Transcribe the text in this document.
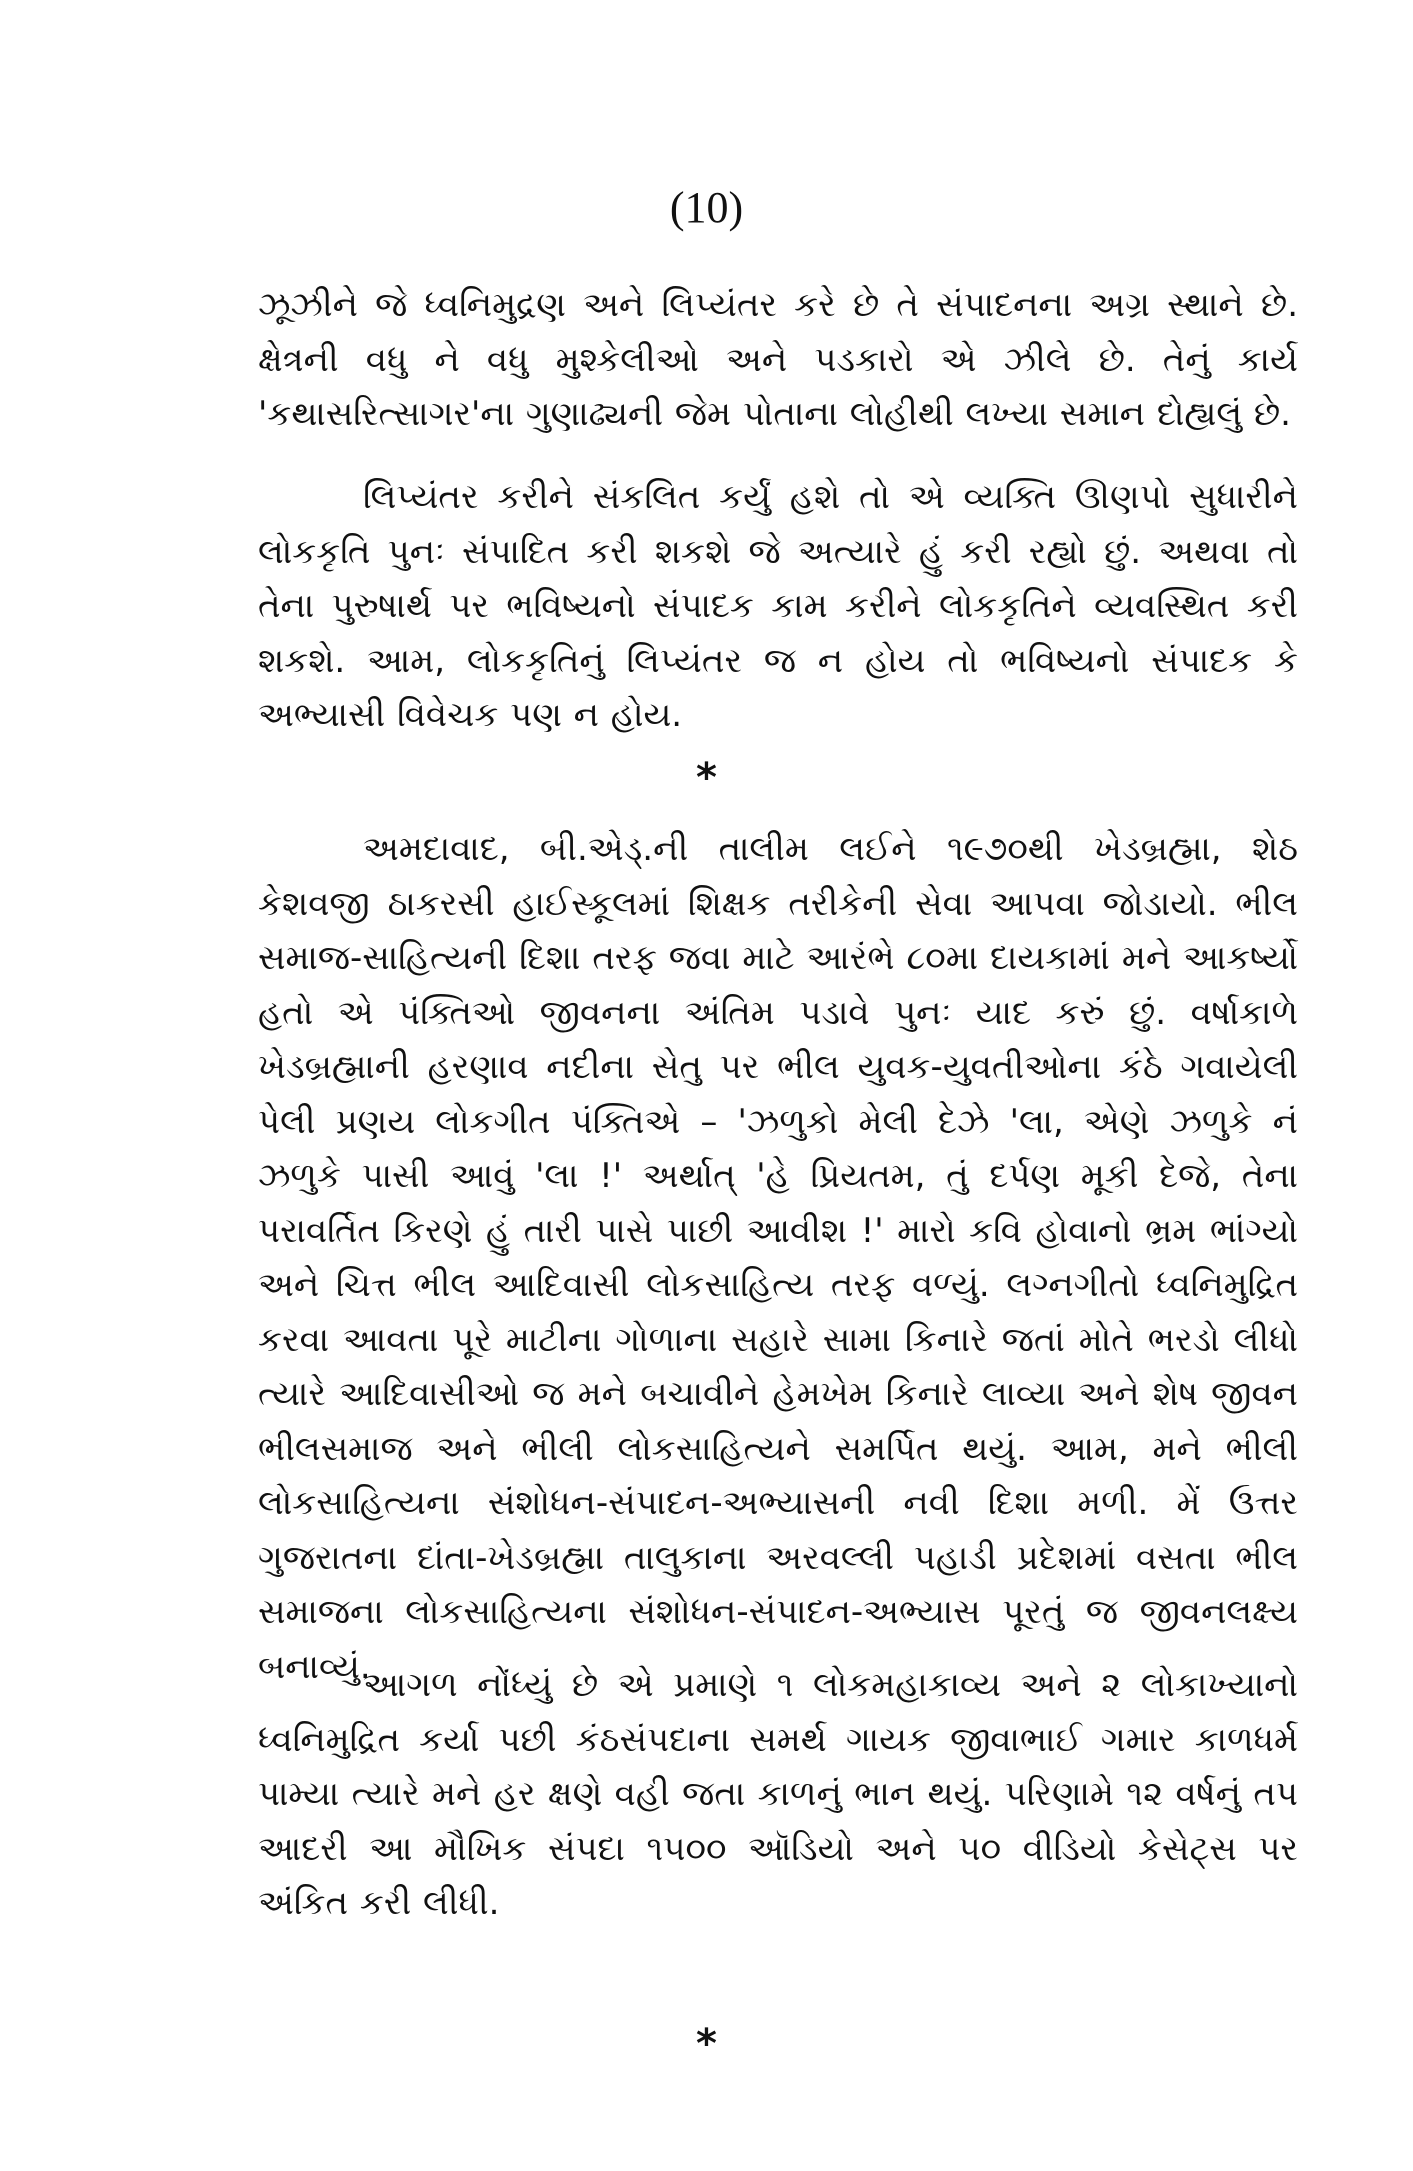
(10)

ઝૂઝીને જે ધ્વનિમુદ્રણ અને લિપ્યંતર કરે છે તે સંપાદનના અગ્ર સ્થાને છે. ક્ષેત્રની વધુ ને વધુ મુશ્કેલીઓ અને પડકારો એ ઝીલે છે. તેનું કાર્ય 'કથાસરિત્સાગર'ના ગુણાઢ્યની જેમ પોતાના લોહીથી લખ્યા સમાન દોહ્યલું છે.

લિપ્યંતર કરીને સંકલિત કર્યું હશે તો એ વ્યક્તિ ઊણપો સુધારીને લોકકૃતિ પુનઃ સંપાદિત કરી શકશે જે અત્યારે હું કરી રહ્યો છું. અથવા તો તેના પુરુષાર્થ પર ભવિષ્યનો સંપાદક કામ કરીને લોકકૃતિને વ્યવસ્થિત કરી શકશે. આમ, લોકકૃતિનું લિપ્યંતર જ ન હોય તો ભવિષ્યનો સંપાદક કે અભ્યાસી વિવેચક પણ ન હોય.

*

અમદાવાદ, બી.એડ્.ની તાલીમ લઈને ૧૯૭૦થી ખેડબ્રહ્મા, શેઠ કેશવજી ઠાકરસી હાઈસ્કૂલમાં શિક્ષક તરીકેની સેવા આપવા જોડાયો. ભીલ સમાજ-સાહિત્યની દિશા તરફ જવા માટે આરંભે ૮૦મા દાયકામાં મને આકર્ષ્યો હતો એ પંક્તિઓ જીવનના અંતિમ પડાવે પુનઃ યાદ કરું છું. વર્ષાકાળે ખેડબ્રહ્માની હરણાવ નદીના સેતુ પર ભીલ યુવક-યુવતીઓના કંઠે ગવાયેલી પેલી પ્રણય લોકગીત પંક્તિએ – 'ઝળુકો મેલી દેઝે 'લા, એણે ઝળુકે નં ઝળુકે પાસી આવું 'લા !' અર્થાત્ 'હે પ્રિયતમ, તું દર્પણ મૂકી દેજે, તેના પરાવર્તિત કિરણે હું તારી પાસે પાછી આવીશ !' મારો કવિ હોવાનો ભ્રમ ભાંગ્યો અને ચિત્ત ભીલ આદિવાસી લોકસાહિત્ય તરફ વળ્યું. લગ્નગીતો ધ્વનિમુદ્રિત કરવા આવતા પૂરે માટીના ગોળાના સહારે સામા કિનારે જતાં મોતે ભરડો લીધો ત્યારે આદિવાસીઓ જ મને બચાવીને હેમખેમ કિનારે લાવ્યા અને શેષ જીવન ભીલસમાજ અને ભીલી લોકસાહિત્યને સમર્પિત થયું. આમ, મને ભીલી લોકસાહિત્યના સંશોધન-સંપાદન-અભ્યાસની નવી દિશા મળી. મેં ઉત્તર ગુજરાતના દાંતા-ખેડબ્રહ્મા તાલુકાના અરવલ્લી પહાડી પ્રદેશમાં વસતા ભીલ સમાજના લોકસાહિત્યના સંશોધન-સંપાદન-અભ્યાસ પૂરતું જ જીવનલક્ષ્ય બનાવ્યું.

આગળ નોંધ્યું છે એ પ્રમાણે ૧ લોકમહાકાવ્ય અને ૨ લોકાખ્યાનો ધ્વનિમુદ્રિત કર્યા પછી કંઠસંપદાના સમર્થ ગાયક જીવાભાઈ ગમાર કાળધર્મ પામ્યા ત્યારે મને હર ક્ષણે વહી જતા કાળનું ભાન થયું. પરિણામે ૧૨ વર્ષનું તપ આદરી આ મૌખિક સંપદા ૧૫૦૦ ઑડિયો અને ૫૦ વીડિયો કેસેટ્સ પર અંકિત કરી લીધી.

*
